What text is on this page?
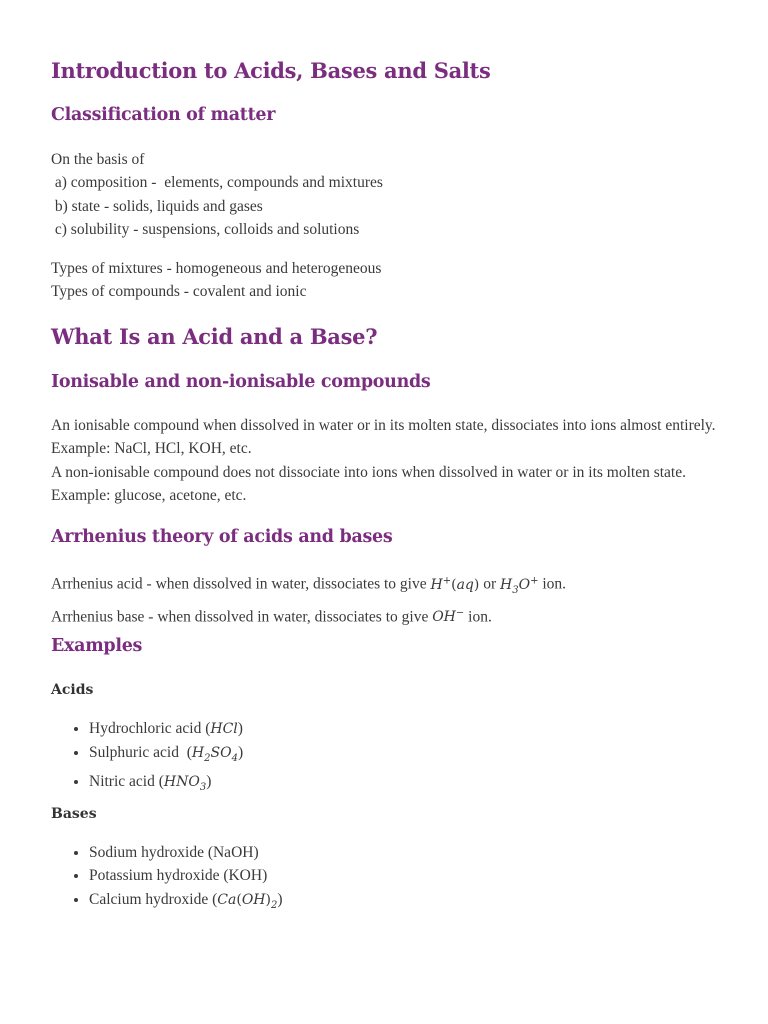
Introduction to Acids, Bases and Salts
Classification of matter

On the basis of

a) composition -  elements, compounds and mixtures

b) state - solids, liquids and gases

c) solubility - suspensions, colloids and solutions

Types of mixtures - homogeneous and heterogeneous

Types of compounds - covalent and ionic

What Is an Acid and a Base?
Ionisable and non-ionisable compounds

An ionisable compound when dissolved in water or in its molten state, dissociates into ions almost entirely. Example: NaCl, HCl, KOH, etc.

A non-ionisable compound does not dissociate into ions when dissolved in water or in its molten state. Example: glucose, acetone, etc.

Arrhenius theory of acids and bases

Arrhenius acid - when dissolved in water, dissociates to give H+(aq) or $H_3O^+$ ion.

Arrhenius base - when dissolved in water, dissociates to give OH− ion.

Examples
Acids
• Hydrochloric acid (HCl)
• Sulphuric acid  $(H_2SO_4)$
• Nitric acid $(HNO_3)$
Bases
• Sodium hydroxide (NaOH)
• Potassium hydroxide (KOH)
• Calcium hydroxide $(Ca(OH)_2)$
